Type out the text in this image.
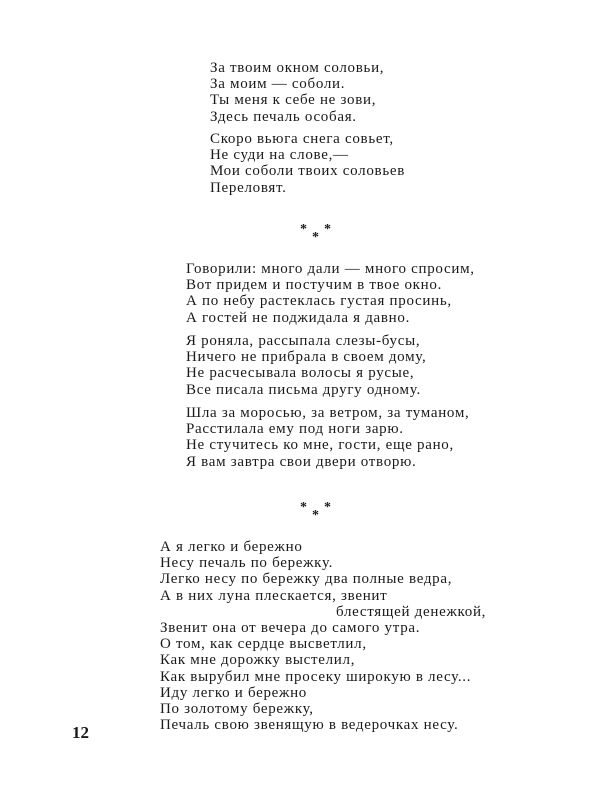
За твоим окном соловьи,
За моим — соболи.
Ты меня к себе не зови,
Здесь печаль особая.
Скоро вьюга снега совьет,
Не суди на слове,—
Мои соболи твоих соловьев
Переловят.
*
*
*
Говорили: много дали — много спросим,
Вот придем и постучим в твое окно.
А по небу растеклась густая просинь,
А гостей не поджидала я давно.
Я роняла, рассыпала слезы-бусы,
Ничего не прибрала в своем дому,
Не расчесывала волосы я русые,
Все писала письма другу одному.
Шла за моросью, за ветром, за туманом,
Расстилала ему под ноги зарю.
Не стучитесь ко мне, гости, еще рано,
Я вам завтра свои двери отворю.
*
*
*
А я легко и бережно
Несу печаль по бережку.
Легко несу по бережку два полные ведра,
А в них луна плескается, звенит
блестящей денежкой,
Звенит она от вечера до самого утра.
О том, как сердце высветлил,
Как мне дорожку выстелил,
Как вырубил мне просеку широкую в лесу...
Иду легко и бережно
По золотому бережку,
Печаль свою звенящую в ведерочках несу.
12
